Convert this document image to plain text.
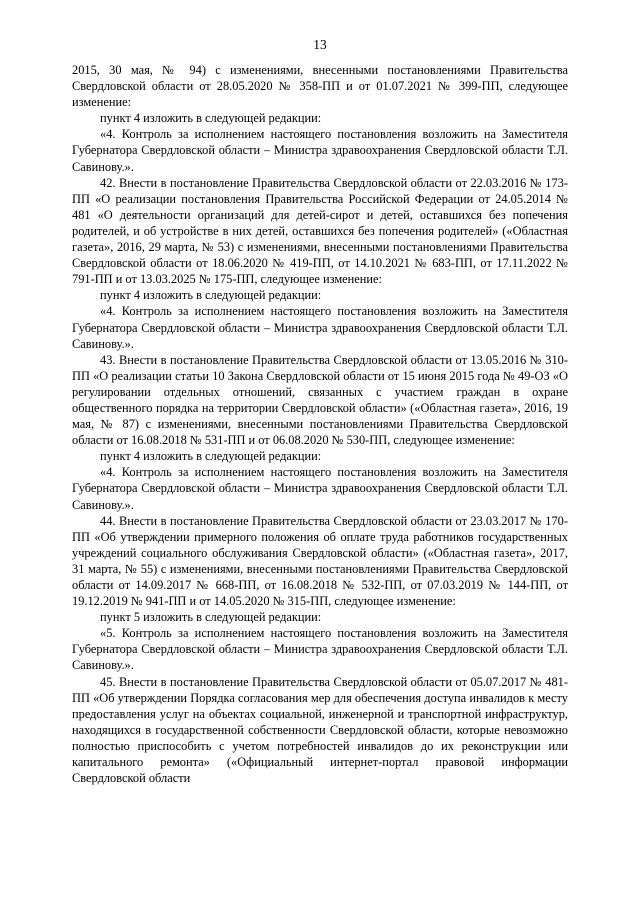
13

2015, 30 мая, № 94) с изменениями, внесенными постановлениями Правительства Свердловской области от 28.05.2020 № 358-ПП и от 01.07.2021 № 399-ПП, следующее изменение:

пункт 4 изложить в следующей редакции:

«4. Контроль за исполнением настоящего постановления возложить на Заместителя Губернатора Свердловской области – Министра здравоохранения Свердловской области Т.Л. Савинову.».

42. Внести в постановление Правительства Свердловской области от 22.03.2016 № 173-ПП «О реализации постановления Правительства Российской Федерации от 24.05.2014 № 481 «О деятельности организаций для детей-сирот и детей, оставшихся без попечения родителей, и об устройстве в них детей, оставшихся без попечения родителей» («Областная газета», 2016, 29 марта, № 53) с изменениями, внесенными постановлениями Правительства Свердловской области от 18.06.2020 № 419-ПП, от 14.10.2021 № 683-ПП, от 17.11.2022 № 791-ПП и от 13.03.2025 № 175-ПП, следующее изменение:

пункт 4 изложить в следующей редакции:

«4. Контроль за исполнением настоящего постановления возложить на Заместителя Губернатора Свердловской области – Министра здравоохранения Свердловской области Т.Л. Савинову.».

43. Внести в постановление Правительства Свердловской области от 13.05.2016 № 310-ПП «О реализации статьи 10 Закона Свердловской области от 15 июня 2015 года № 49-ОЗ «О регулировании отдельных отношений, связанных с участием граждан в охране общественного порядка на территории Свердловской области» («Областная газета», 2016, 19 мая, № 87) с изменениями, внесенными постановлениями Правительства Свердловской области от 16.08.2018 № 531-ПП и от 06.08.2020 № 530-ПП, следующее изменение:

пункт 4 изложить в следующей редакции:

«4. Контроль за исполнением настоящего постановления возложить на Заместителя Губернатора Свердловской области – Министра здравоохранения Свердловской области Т.Л. Савинову.».

44. Внести в постановление Правительства Свердловской области от 23.03.2017 № 170-ПП «Об утверждении примерного положения об оплате труда работников государственных учреждений социального обслуживания Свердловской области» («Областная газета», 2017, 31 марта, № 55) с изменениями, внесенными постановлениями Правительства Свердловской области от 14.09.2017 № 668-ПП, от 16.08.2018 № 532-ПП, от 07.03.2019 № 144-ПП, от 19.12.2019 № 941-ПП и от 14.05.2020 № 315-ПП, следующее изменение:

пункт 5 изложить в следующей редакции:

«5. Контроль за исполнением настоящего постановления возложить на Заместителя Губернатора Свердловской области – Министра здравоохранения Свердловской области Т.Л. Савинову.».

45. Внести в постановление Правительства Свердловской области от 05.07.2017 № 481-ПП «Об утверждении Порядка согласования мер для обеспечения доступа инвалидов к месту предоставления услуг на объектах социальной, инженерной и транспортной инфраструктур, находящихся в государственной собственности Свердловской области, которые невозможно полностью приспособить с учетом потребностей инвалидов до их реконструкции или капитального ремонта» («Официальный интернет-портал правовой информации Свердловской области
